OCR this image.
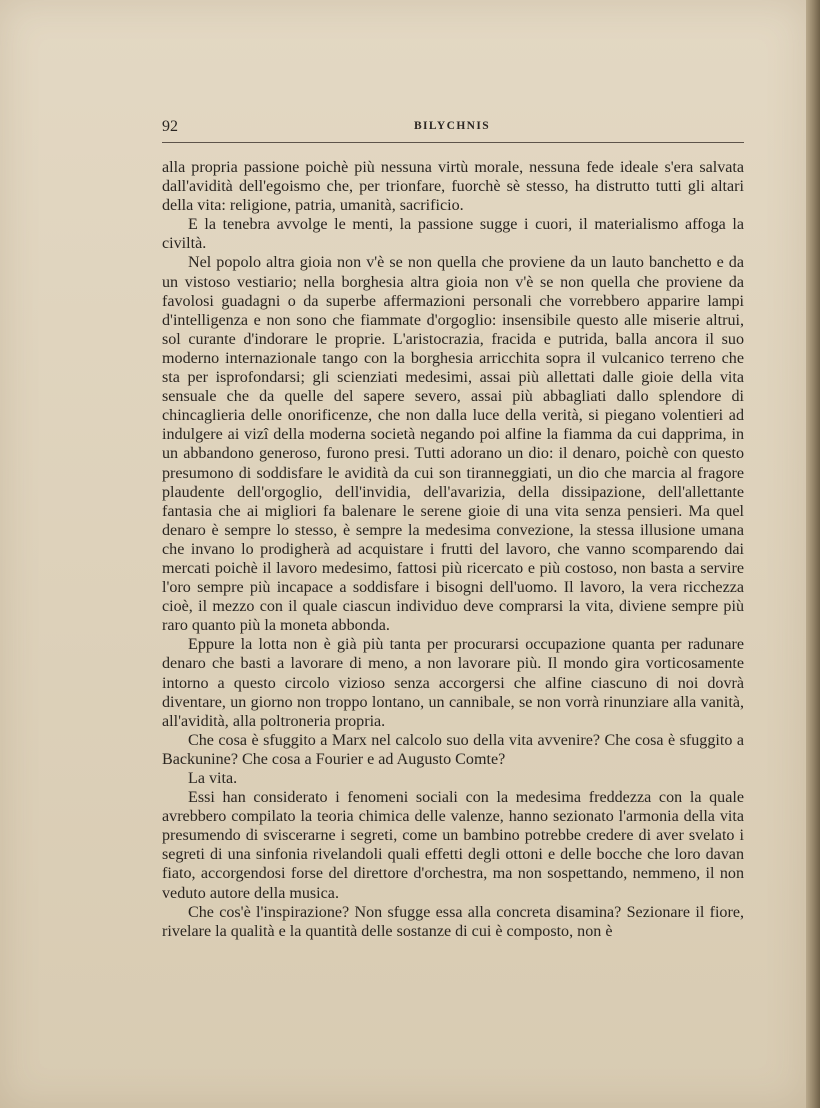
92	BILYCHNIS

alla propria passione poichè più nessuna virtù morale, nessuna fede ideale s'era salvata dall'avidità dell'egoismo che, per trionfare, fuorchè sè stesso, ha distrutto tutti gli altari della vita: religione, patria, umanità, sacrificio.

E la tenebra avvolge le menti, la passione sugge i cuori, il materialismo affoga la civiltà.

Nel popolo altra gioia non v'è se non quella che proviene da un lauto banchetto e da un vistoso vestiario; nella borghesia altra gioia non v'è se non quella che proviene da favolosi guadagni o da superbe affermazioni personali che vorrebbero apparire lampi d'intelligenza e non sono che fiammate d'orgoglio: insensibile questo alle miserie altrui, sol curante d'indorare le proprie. L'aristocrazia, fracida e putrida, balla ancora il suo moderno internazionale tango con la borghesia arricchita sopra il vulcanico terreno che sta per isprofondarsi; gli scienziati medesimi, assai più allettati dalle gioie della vita sensuale che da quelle del sapere severo, assai più abbagliati dallo splendore di chincaglieria delle onorificenze, che non dalla luce della verità, si piegano volentieri ad indulgere ai vizî della moderna società negando poi alfine la fiamma da cui dapprima, in un abbandono generoso, furono presi. Tutti adorano un dio: il denaro, poichè con questo presumono di soddisfare le avidità da cui son tiranneggiati, un dio che marcia al fragore plaudente dell'orgoglio, dell'invidia, dell'avarizia, della dissipazione, dell'allettante fantasia che ai migliori fa balenare le serene gioie di una vita senza pensieri. Ma quel denaro è sempre lo stesso, è sempre la medesima convezione, la stessa illusione umana che invano lo prodigherà ad acquistare i frutti del lavoro, che vanno scomparendo dai mercati poichè il lavoro medesimo, fattosi più ricercato e più costoso, non basta a servire l'oro sempre più incapace a soddisfare i bisogni dell'uomo. Il lavoro, la vera ricchezza cioè, il mezzo con il quale ciascun individuo deve comprarsi la vita, diviene sempre più raro quanto più la moneta abbonda.

Eppure la lotta non è già più tanta per procurarsi occupazione quanta per radunare denaro che basti a lavorare di meno, a non lavorare più. Il mondo gira vorticosamente intorno a questo circolo vizioso senza accorgersi che alfine ciascuno di noi dovrà diventare, un giorno non troppo lontano, un cannibale, se non vorrà rinunziare alla vanità, all'avidità, alla poltroneria propria.

Che cosa è sfuggito a Marx nel calcolo suo della vita avvenire? Che cosa è sfuggito a Backunine? Che cosa a Fourier e ad Augusto Comte?

La vita.

Essi han considerato i fenomeni sociali con la medesima freddezza con la quale avrebbero compilato la teoria chimica delle valenze, hanno sezionato l'armonia della vita presumendo di sviscerarne i segreti, come un bambino potrebbe credere di aver svelato i segreti di una sinfonia rivelandoli quali effetti degli ottoni e delle bocche che loro davan fiato, accorgendosi forse del direttore d'orchestra, ma non sospettando, nemmeno, il non veduto autore della musica.

Che cos'è l'inspirazione? Non sfugge essa alla concreta disamina? Sezionare il fiore, rivelare la qualità e la quantità delle sostanze di cui è composto, non è
